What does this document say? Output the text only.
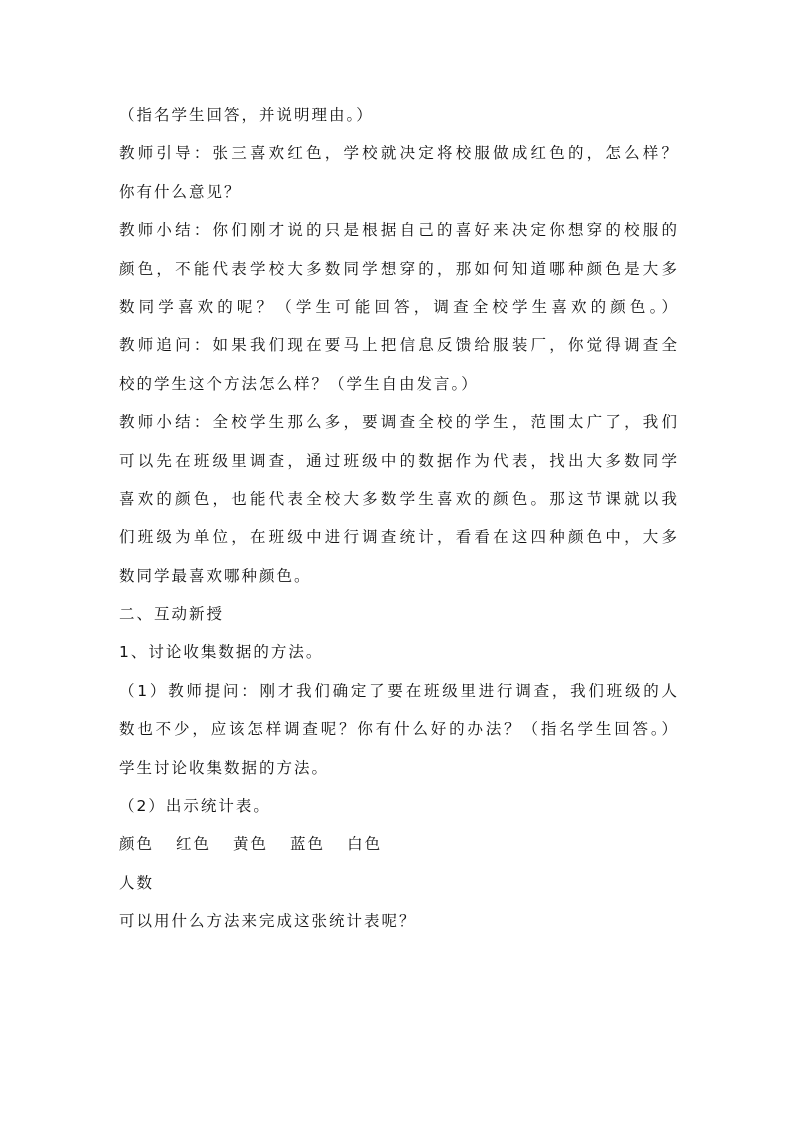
（指名学生回答，并说明理由。）
教师引导：张三喜欢红色，学校就决定将校服做成红色的，怎么样？
你有什么意见？
教师小结：你们刚才说的只是根据自己的喜好来决定你想穿的校服的
颜色，不能代表学校大多数同学想穿的，那如何知道哪种颜色是大多
数同学喜欢的呢？（学生可能回答，调查全校学生喜欢的颜色。）
教师追问：如果我们现在要马上把信息反馈给服装厂，你觉得调查全
校的学生这个方法怎么样？（学生自由发言。）
教师小结：全校学生那么多，要调查全校的学生，范围太广了，我们
可以先在班级里调查，通过班级中的数据作为代表，找出大多数同学
喜欢的颜色，也能代表全校大多数学生喜欢的颜色。那这节课就以我
们班级为单位，在班级中进行调查统计，看看在这四种颜色中，大多
数同学最喜欢哪种颜色。
二、互动新授
1、讨论收集数据的方法。
（1）教师提问：刚才我们确定了要在班级里进行调查，我们班级的人
数也不少，应该怎样调查呢？你有什么好的办法？（指名学生回答。）
学生讨论收集数据的方法。
（2）出示统计表。
颜色 红色 黄色 蓝色 白色
人数
可以用什么方法来完成这张统计表呢？
